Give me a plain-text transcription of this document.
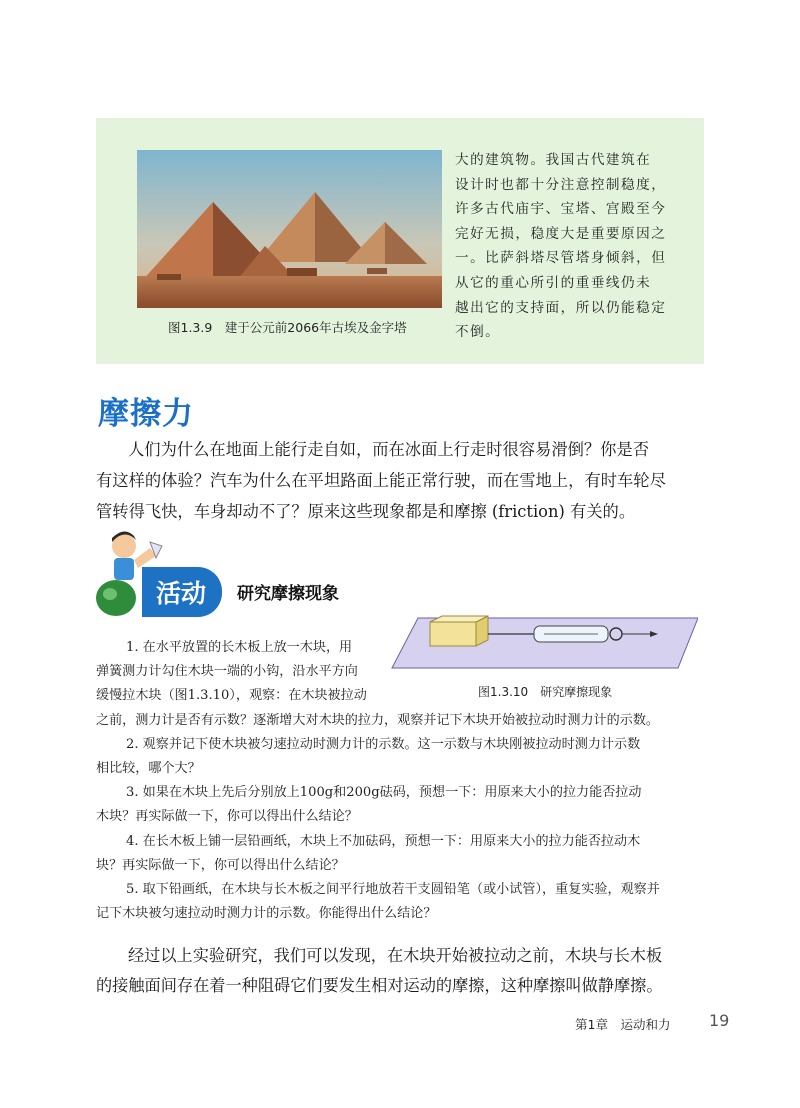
图1.3.9　建于公元前2066年古埃及金字塔
大的建筑物。我国古代建筑在
设计时也都十分注意控制稳度，
许多古代庙宇、宝塔、宫殿至今
完好无损，稳度大是重要原因之
一。比萨斜塔尽管塔身倾斜，但
从它的重心所引的重垂线仍未
越出它的支持面，所以仍能稳定
不倒。
摩擦力
人们为什么在地面上能行走自如，而在冰面上行走时很容易滑倒？你是否
有这样的体验？汽车为什么在平坦路面上能正常行驶，而在雪地上，有时车轮尽
管转得飞快，车身却动不了？原来这些现象都是和摩擦 (friction) 有关的。
活动 研究摩擦现象
图1.3.10　研究摩擦现象
1. 在水平放置的长木板上放一木块，用
弹簧测力计勾住木块一端的小钩，沿水平方向
缓慢拉木块（图1.3.10），观察：在木块被拉动
之前，测力计是否有示数？逐渐增大对木块的拉力，观察并记下木块开始被拉动时测力计的示数。
2. 观察并记下使木块被匀速拉动时测力计的示数。这一示数与木块刚被拉动时测力计示数
相比较，哪个大？
3. 如果在木块上先后分别放上100g和200g砝码，预想一下：用原来大小的拉力能否拉动
木块？再实际做一下，你可以得出什么结论？
4. 在长木板上铺一层铅画纸，木块上不加砝码，预想一下：用原来大小的拉力能否拉动木
块？再实际做一下，你可以得出什么结论？
5. 取下铅画纸，在木块与长木板之间平行地放若干支圆铅笔（或小试管），重复实验，观察并
记下木块被匀速拉动时测力计的示数。你能得出什么结论？
经过以上实验研究，我们可以发现，在木块开始被拉动之前，木块与长木板
的接触面间存在着一种阻碍它们要发生相对运动的摩擦，这种摩擦叫做静摩擦。
第1章　运动和力 19
